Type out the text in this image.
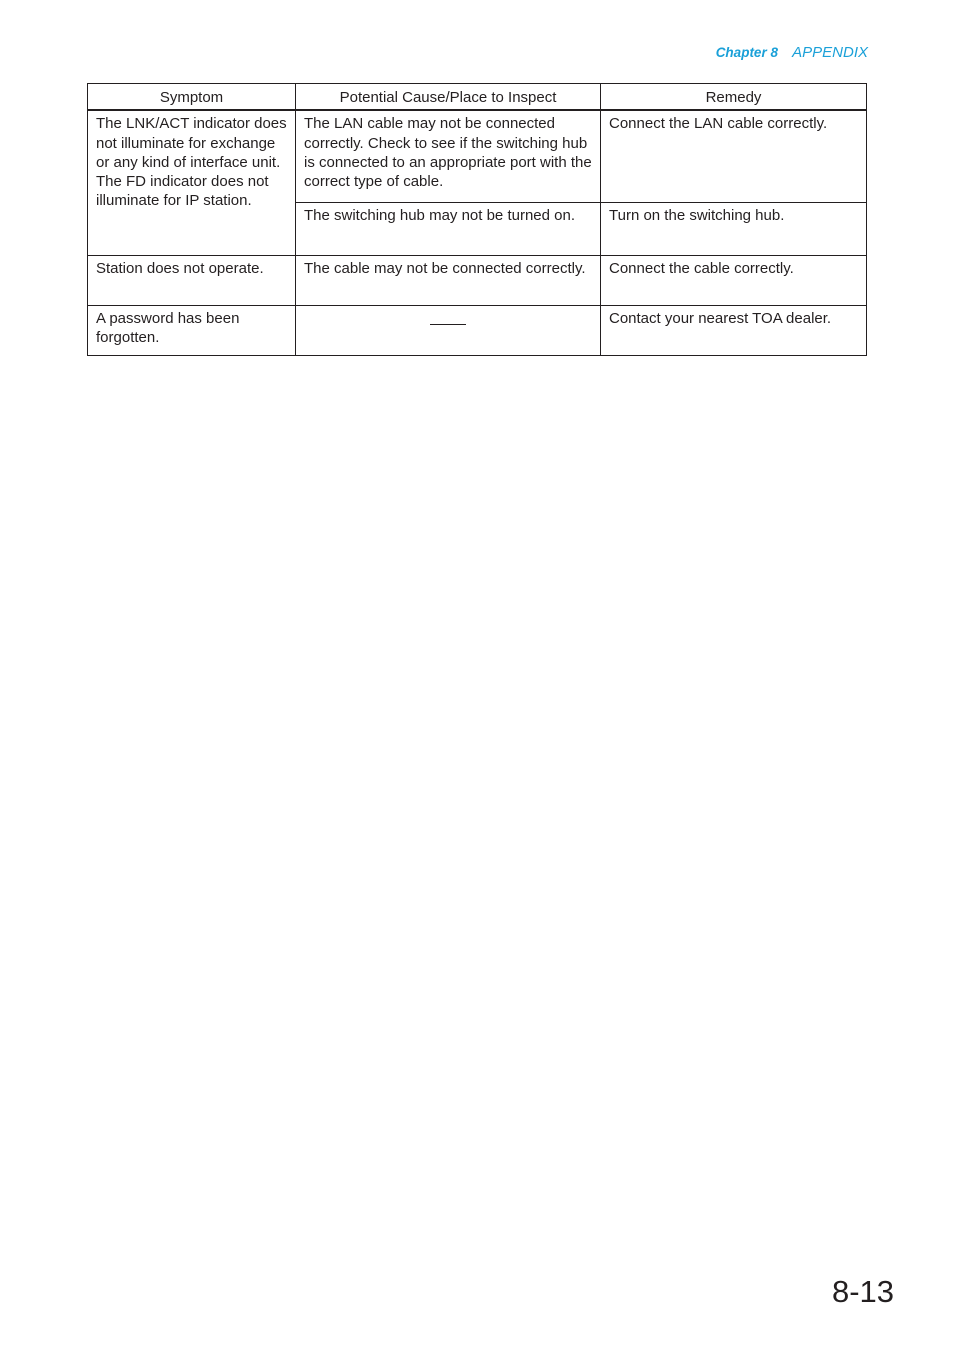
Chapter 8 APPENDIX
Symptom	Potential Cause/Place to Inspect	Remedy

The LNK/ACT indicator does not illuminate for exchange or any kind of interface unit.
The FD indicator does not illuminate for IP station.	The LAN cable may not be connected correctly. Check to see if the switching hub is connected to an appropriate port with the correct type of cable.	Connect the LAN cable correctly.
	The switching hub may not be turned on.	Turn on the switching hub.
Station does not operate.	The cable may not be connected correctly.	Connect the cable correctly.
A password has been forgotten.		Contact your nearest TOA dealer.
8-13
